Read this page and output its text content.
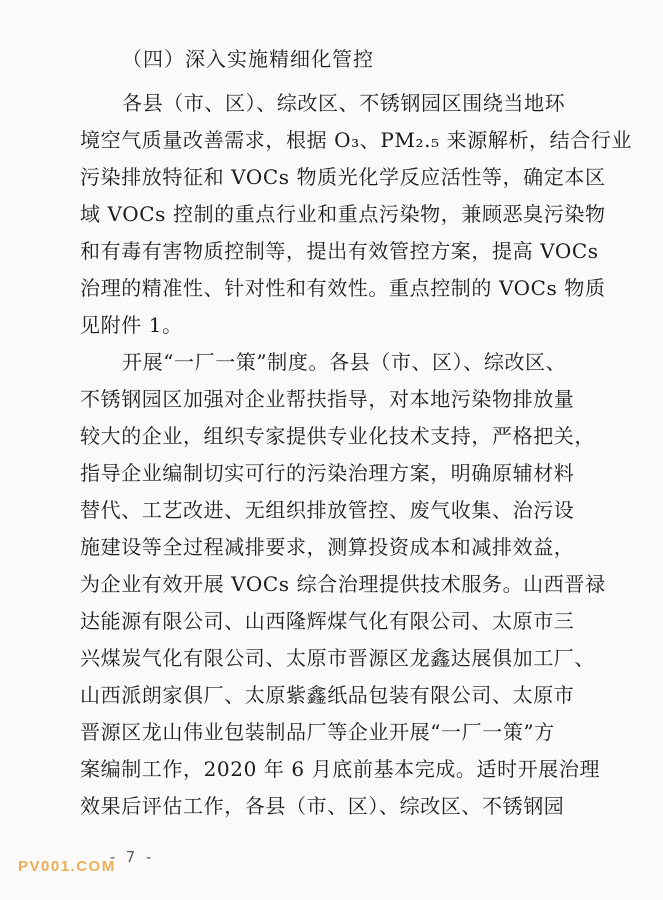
（四）深入实施精细化管控
各县（市、区）、综改区、不锈钢园区围绕当地环
境空气质量改善需求，根据 O₃、PM₂.₅ 来源解析，结合行业
污染排放特征和 VOCs 物质光化学反应活性等，确定本区
域 VOCs 控制的重点行业和重点污染物，兼顾恶臭污染物
和有毒有害物质控制等，提出有效管控方案，提高 VOCs
治理的精准性、针对性和有效性。重点控制的 VOCs 物质
见附件 1。
开展“一厂一策”制度。各县（市、区）、综改区、
不锈钢园区加强对企业帮扶指导，对本地污染物排放量
较大的企业，组织专家提供专业化技术支持，严格把关，
指导企业编制切实可行的污染治理方案，明确原辅材料
替代、工艺改进、无组织排放管控、废气收集、治污设
施建设等全过程减排要求，测算投资成本和减排效益，
为企业有效开展 VOCs 综合治理提供技术服务。山西晋禄
达能源有限公司、山西隆辉煤气化有限公司、太原市三
兴煤炭气化有限公司、太原市晋源区龙鑫达展俱加工厂、
山西派朗家俱厂、太原紫鑫纸品包装有限公司、太原市
晋源区龙山伟业包装制品厂等企业开展“一厂一策”方
案编制工作，2020 年 6 月底前基本完成。适时开展治理
效果后评估工作，各县（市、区）、综改区、不锈钢园
- 7 -
PV001.COM
